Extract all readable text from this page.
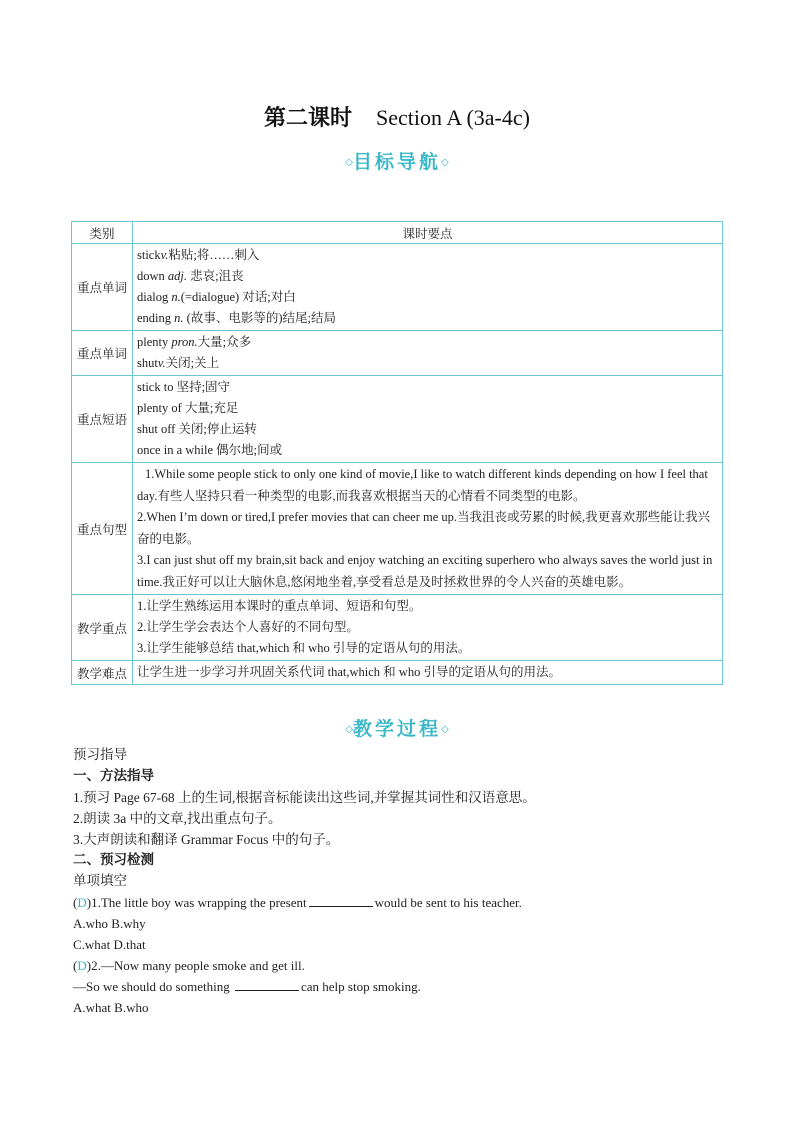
第二课时 Section A (3a-4c)
◇目标导航◇
类别	课时要点
重点单词	stickv.粘贴;将……刺入
down adj. 悲哀;沮丧
dialog n.(=dialogue) 对话;对白
ending n. (故事、电影等的)结尾;结局

重点单词	plenty pron.大量;众多
shutv.关闭;关上

重点短语	stick to 坚持;固守
plenty of 大量;充足
shut off 关闭;停止运转
once in a while 偶尔地;间或

重点句型	1.While some people stick to only one kind of movie,I like to watch different kinds depending on how I feel that day.有些人坚持只看一种类型的电影,而我喜欢根据当天的心情看不同类型的电影。
2.When I’m down or tired,I prefer movies that can cheer me up.当我沮丧或劳累的时候,我更喜欢那些能让我兴奋的电影。
3.I can just shut off my brain,sit back and enjoy watching an exciting superhero who always saves the world just in time.我正好可以让大脑休息,悠闲地坐着,享受看总是及时拯救世界的令人兴奋的英雄电影。

教学重点	1.让学生熟练运用本课时的重点单词、短语和句型。
2.让学生学会表达个人喜好的不同句型。
3.让学生能够总结 that,which 和 who 引导的定语从句的用法。

教学难点	让学生进一步学习并巩固关系代词 that,which 和 who 引导的定语从句的用法。
◇教学过程◇
预习指导
一、方法指导
1.预习 Page 67-68 上的生词,根据音标能读出这些词,并掌握其词性和汉语意思。
2.朗读 3a 中的文章,找出重点句子。
3.大声朗读和翻译 Grammar Focus 中的句子。
二、预习检测
单项填空
(D)1.The little boy was wrapping the present	would be sent to his teacher.
A.who B.why
C.what D.that
(D)2.—Now many people smoke and get ill.
—So we should do something	can help stop smoking.
A.what B.who
